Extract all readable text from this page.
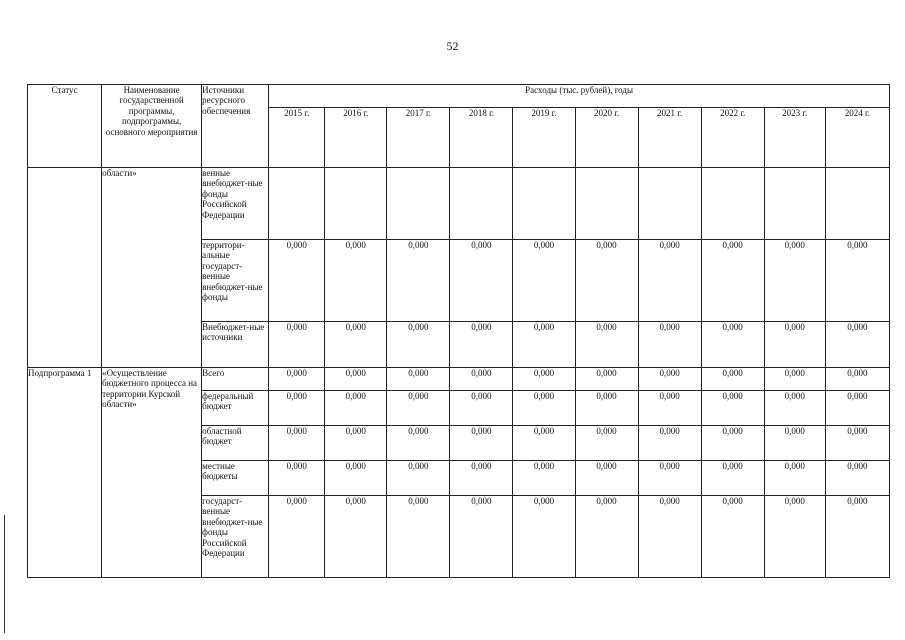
52
Статус	Наименование государственной программы, подпрограммы, основного мероприятия	Источники ресурсного обеспечения	Расходы (тыс. рублей), годы									
			2015 г.	2016 г.	2017 г.	2018 г.	2019 г.	2020 г.	2021 г.	2022 г.	2023 г.	2024 г.
	области»	венные внебюджет-ные фонды Российской Федерации										
		территори-альные государст-венные внебюджет-ные фонды	0,000	0,000	0,000	0,000	0,000	0,000	0,000	0,000	0,000	0,000
		Внебюджет-ные источники	0,000	0,000	0,000	0,000	0,000	0,000	0,000	0,000	0,000	0,000
Подпрограмма 1	«Осуществление бюджетного процесса на территории Курской области»	Всего	0,000	0,000	0,000	0,000	0,000	0,000	0,000	0,000	0,000	0,000
		федеральный бюджет	0,000	0,000	0,000	0,000	0,000	0,000	0,000	0,000	0,000	0,000
		областной бюджет	0,000	0,000	0,000	0,000	0,000	0,000	0,000	0,000	0,000	0,000
		местные бюджеты	0,000	0,000	0,000	0,000	0,000	0,000	0,000	0,000	0,000	0,000
		государст-венные внебюджет-ные фонды Российской Федерации	0,000	0,000	0,000	0,000	0,000	0,000	0,000	0,000	0,000	0,000
